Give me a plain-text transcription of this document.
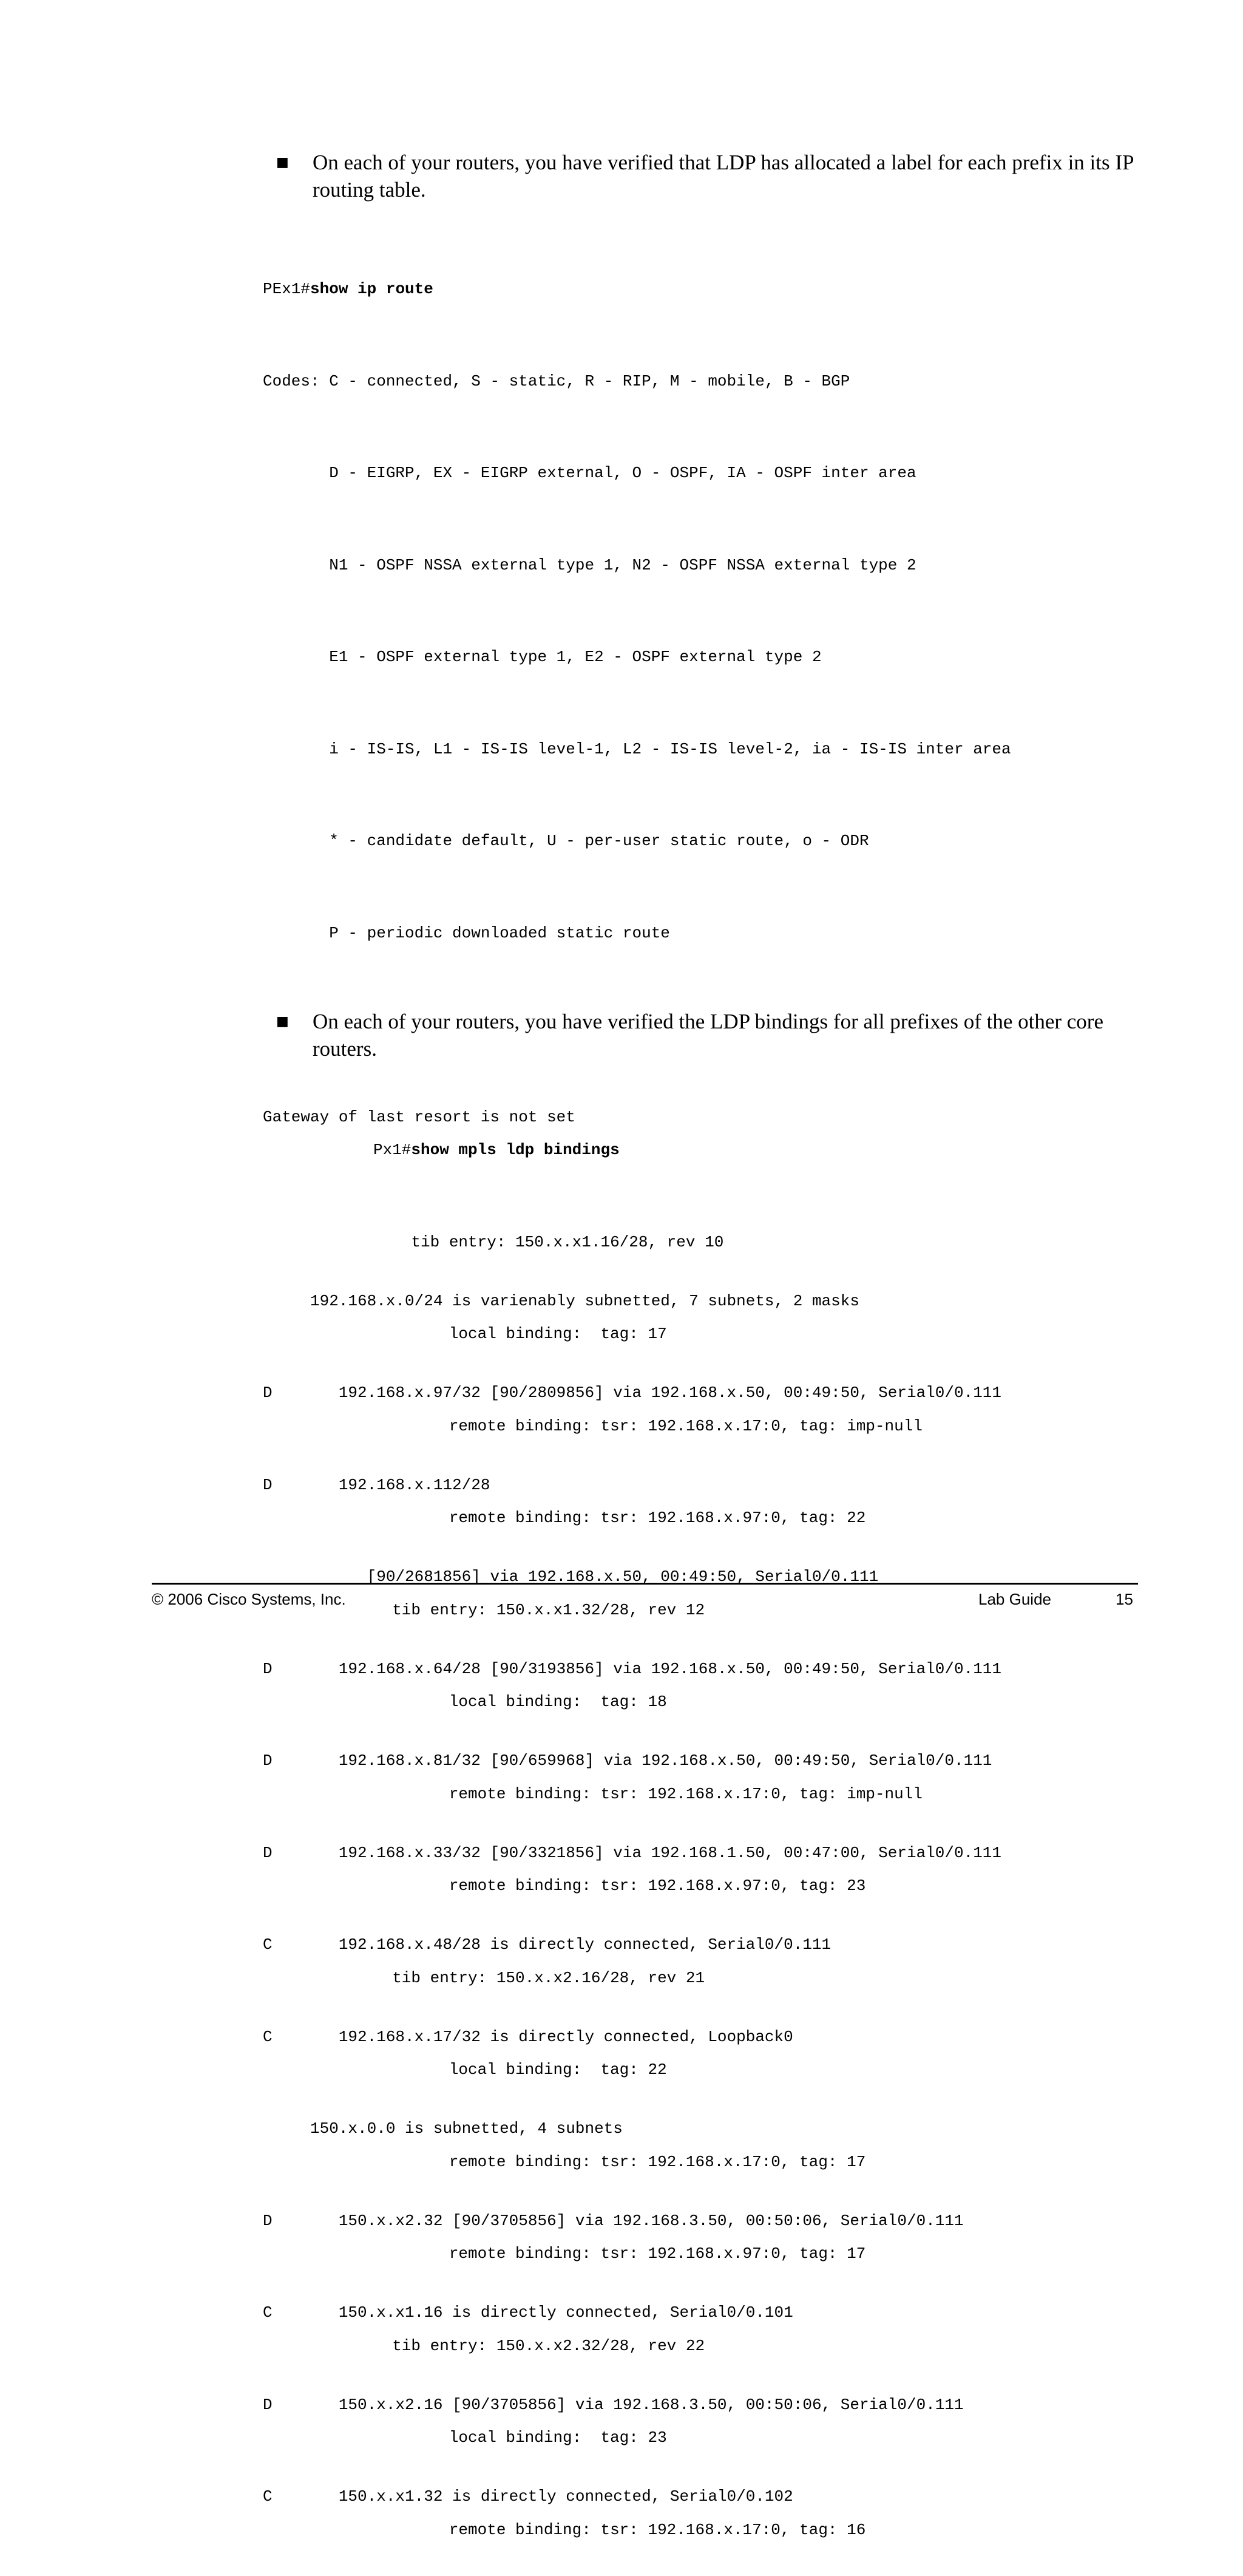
■	On each of your routers, you have verified that LDP has allocated a label for each prefix in its IP routing table.

PEx1#show ip route

Codes: C - connected, S - static, R - RIP, M - mobile, B - BGP

D - EIGRP, EX - EIGRP external, O - OSPF, IA - OSPF inter area

N1 - OSPF NSSA external type 1, N2 - OSPF NSSA external type 2

E1 - OSPF external type 1, E2 - OSPF external type 2

i - IS-IS, L1 - IS-IS level-1, L2 - IS-IS level-2, ia - IS-IS inter area

* - candidate default, U - per-user static route, o - ODR

P - periodic downloaded static route

Gateway of last resort is not set

192.168.x.0/24 is varienably subnetted, 7 subnets, 2 masks

D       192.168.x.97/32 [90/2809856] via 192.168.x.50, 00:49:50, Serial0/0.111

D       192.168.x.112/28

[90/2681856] via 192.168.x.50, 00:49:50, Serial0/0.111

D       192.168.x.64/28 [90/3193856] via 192.168.x.50, 00:49:50, Serial0/0.111

D       192.168.x.81/32 [90/659968] via 192.168.x.50, 00:49:50, Serial0/0.111

D       192.168.x.33/32 [90/3321856] via 192.168.1.50, 00:47:00, Serial0/0.111

C       192.168.x.48/28 is directly connected, Serial0/0.111

C       192.168.x.17/32 is directly connected, Loopback0

150.x.0.0 is subnetted, 4 subnets

D       150.x.x2.32 [90/3705856] via 192.168.3.50, 00:50:06, Serial0/0.111

C       150.x.x1.16 is directly connected, Serial0/0.101

D       150.x.x2.16 [90/3705856] via 192.168.3.50, 00:50:06, Serial0/0.111

C       150.x.x1.32 is directly connected, Serial0/0.102

■	On each of your routers, you have verified the LDP bindings for all prefixes of the other core routers.

Px1#show mpls ldp bindings

tib entry: 150.x.x1.16/28, rev 10

local binding:  tag: 17

remote binding: tsr: 192.168.x.17:0, tag: imp-null

remote binding: tsr: 192.168.x.97:0, tag: 22

tib entry: 150.x.x1.32/28, rev 12

local binding:  tag: 18

remote binding: tsr: 192.168.x.17:0, tag: imp-null

remote binding: tsr: 192.168.x.97:0, tag: 23

tib entry: 150.x.x2.16/28, rev 21

local binding:  tag: 22

remote binding: tsr: 192.168.x.17:0, tag: 17

remote binding: tsr: 192.168.x.97:0, tag: 17

tib entry: 150.x.x2.32/28, rev 22

local binding:  tag: 23

remote binding: tsr: 192.168.x.17:0, tag: 16

© 2006 Cisco Systems, Inc.	Lab Guide	15
